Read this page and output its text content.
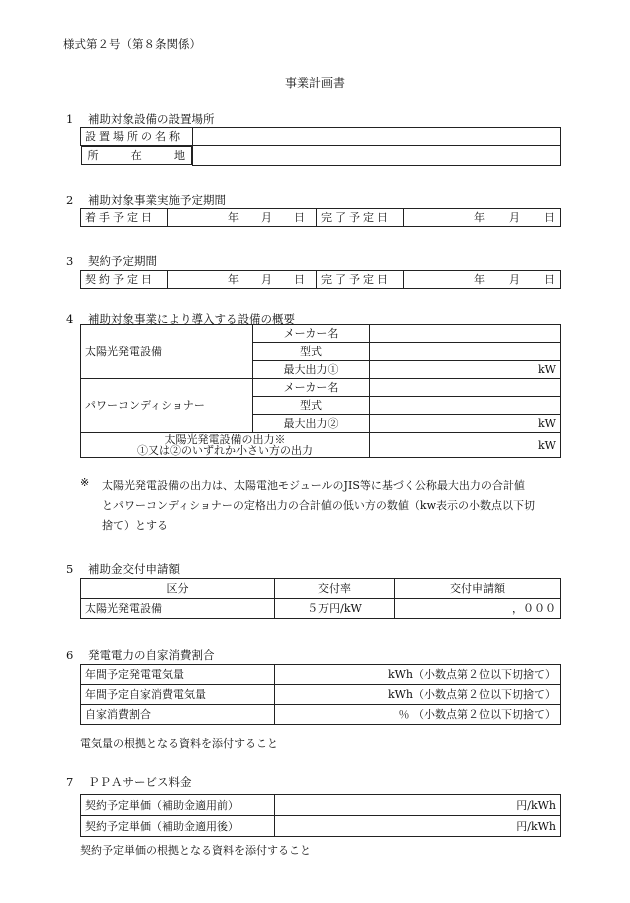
様式第２号（第８条関係）
事業計画書
1 補助対象設備の設置場所
設置場所の名称	

所	在	地
2 補助対象事業実施予定期間
着手予定日	年 月 日	完了予定日	年 月 日
3 契約予定期間
契約予定日	年 月 日	完了予定日	年 月 日
4 補助対象事業により導入する設備の概要
太陽光発電設備	メーカー名	
	型式	
	最大出力①	kW
パワーコンディショナー	メーカー名	
	型式	
	最大出力②	kW

太陽光発電設備の出力※
①又は②のいずれか小さい方の出力		kW
※ 太陽光発電設備の出力は、太陽電池モジュールのJIS等に基づく公称最大出力の合計値
とパワーコンディショナーの定格出力の合計値の低い方の数値（kw表示の小数点以下切
捨て）とする
5 補助金交付申請額
区分	交付率	交付申請額
太陽光発電設備	５万円/kW	，０００
6 発電電力の自家消費割合
年間予定発電電気量	kWh（小数点第２位以下切捨て）
年間予定自家消費電気量	kWh（小数点第２位以下切捨て）
自家消費割合	％ （小数点第２位以下切捨て）
電気量の根拠となる資料を添付すること
7 ＰＰＡサービス料金
契約予定単価（補助金適用前）	円/kWh
契約予定単価（補助金適用後）	円/kWh
契約予定単価の根拠となる資料を添付すること
